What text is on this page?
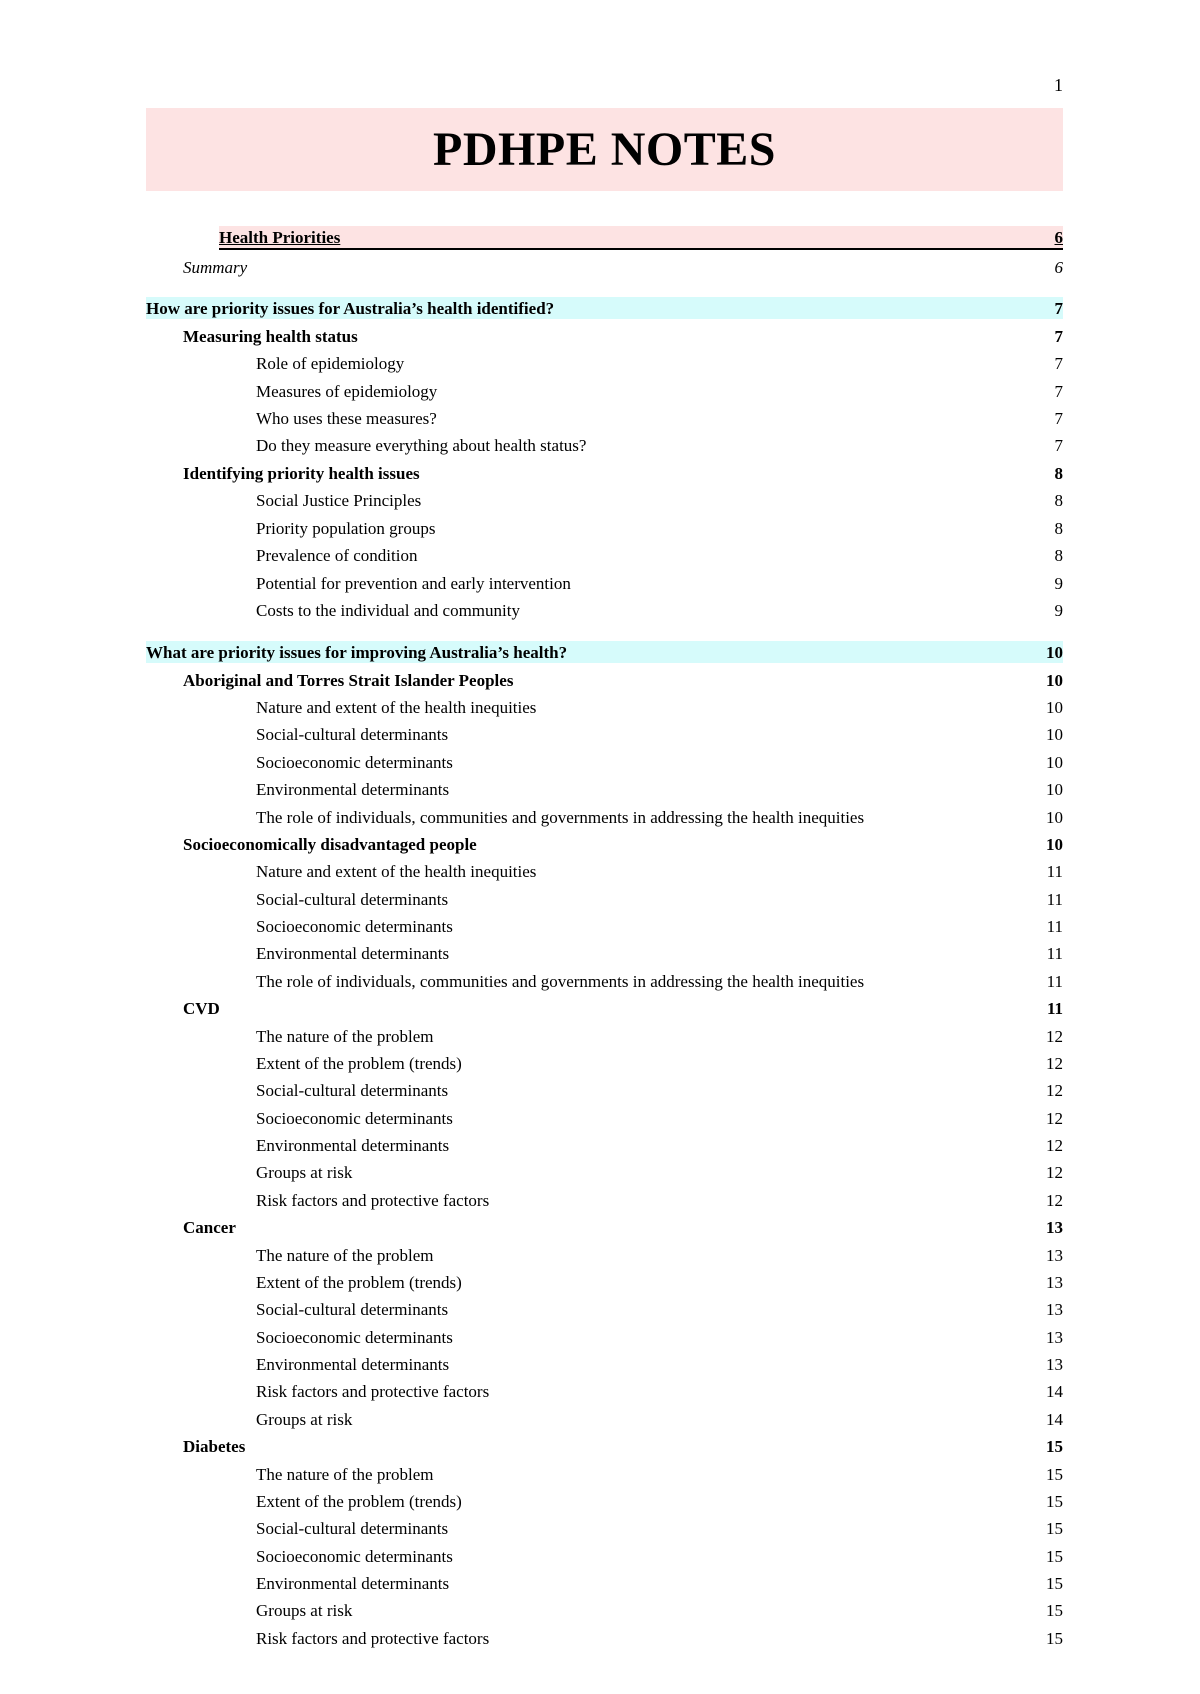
1
PDHPE NOTES
Health Priorities	6
Summary	6
How are priority issues for Australia’s health identified?	7
Measuring health status	7
Role of epidemiology	7
Measures of epidemiology	7
Who uses these measures?	7
Do they measure everything about health status?	7
Identifying priority health issues	8
Social Justice Principles	8
Priority population groups	8
Prevalence of condition	8
Potential for prevention and early intervention	9
Costs to the individual and community	9
What are priority issues for improving Australia’s health?	10
Aboriginal and Torres Strait Islander Peoples	10
Nature and extent of the health inequities	10
Social-cultural determinants	10
Socioeconomic determinants	10
Environmental determinants	10
The role of individuals, communities and governments in addressing the health inequities	10
Socioeconomically disadvantaged people	10
Nature and extent of the health inequities	11
Social-cultural determinants	11
Socioeconomic determinants	11
Environmental determinants	11
The role of individuals, communities and governments in addressing the health inequities	11
CVD	11
The nature of the problem	12
Extent of the problem (trends)	12
Social-cultural determinants	12
Socioeconomic determinants	12
Environmental determinants	12
Groups at risk	12
Risk factors and protective factors	12
Cancer	13
The nature of the problem	13
Extent of the problem (trends)	13
Social-cultural determinants	13
Socioeconomic determinants	13
Environmental determinants	13
Risk factors and protective factors	14
Groups at risk	14
Diabetes	15
The nature of the problem	15
Extent of the problem (trends)	15
Social-cultural determinants	15
Socioeconomic determinants	15
Environmental determinants	15
Groups at risk	15
Risk factors and protective factors	15
